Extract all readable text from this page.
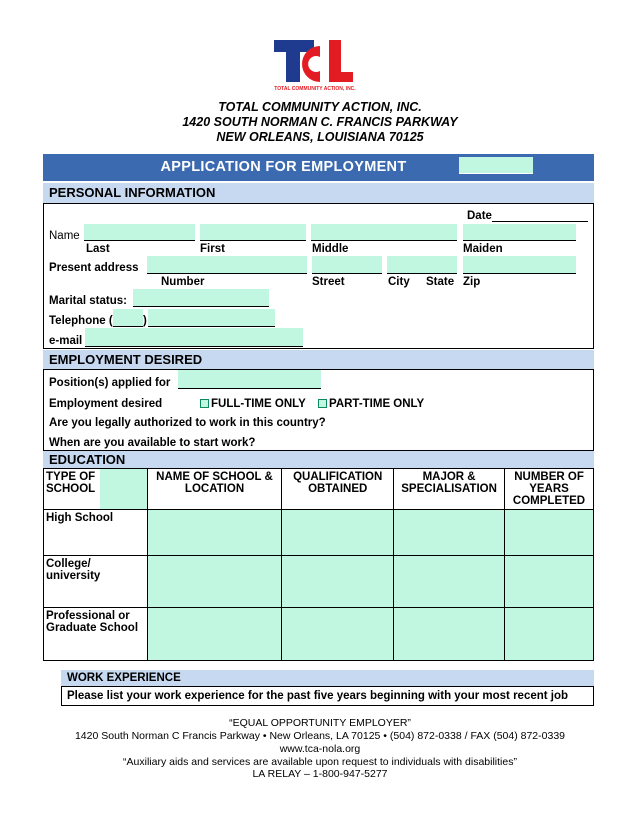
TOTAL COMMUNITY ACTION, INC.
TOTAL COMMUNITY ACTION, INC.
1420 SOUTH NORMAN C. FRANCIS PARKWAY
NEW ORLEANS, LOUISIANA 70125
APPLICATION FOR EMPLOYMENT
PERSONAL INFORMATION
Date
Name
Last	First	Middle	Maiden
Present address
Number	Street	City State Zip
Marital status:
Telephone (	)
e-mail
EMPLOYMENT DESIRED
Position(s) applied for
Employment desired	FULL-TIME ONLY	PART-TIME ONLY
Are you legally authorized to work in this country?
When are you available to start work?
EDUCATION
TYPE OF SCHOOL	NAME OF SCHOOL & LOCATION	QUALIFICATION OBTAINED	MAJOR & SPECIALISATION	NUMBER OF YEARS COMPLETED
High School				
College/ university				
Professional or Graduate School				
WORK EXPERIENCE
Please list your work experience for the past five years beginning with your most recent job
“EQUAL OPPORTUNITY EMPLOYER”
1420 South Norman C Francis Parkway • New Orleans, LA 70125 • (504) 872-0338 / FAX (504) 872-0339
www.tca-nola.org
“Auxiliary aids and services are available upon request to individuals with disabilities”
LA RELAY – 1-800-947-5277
